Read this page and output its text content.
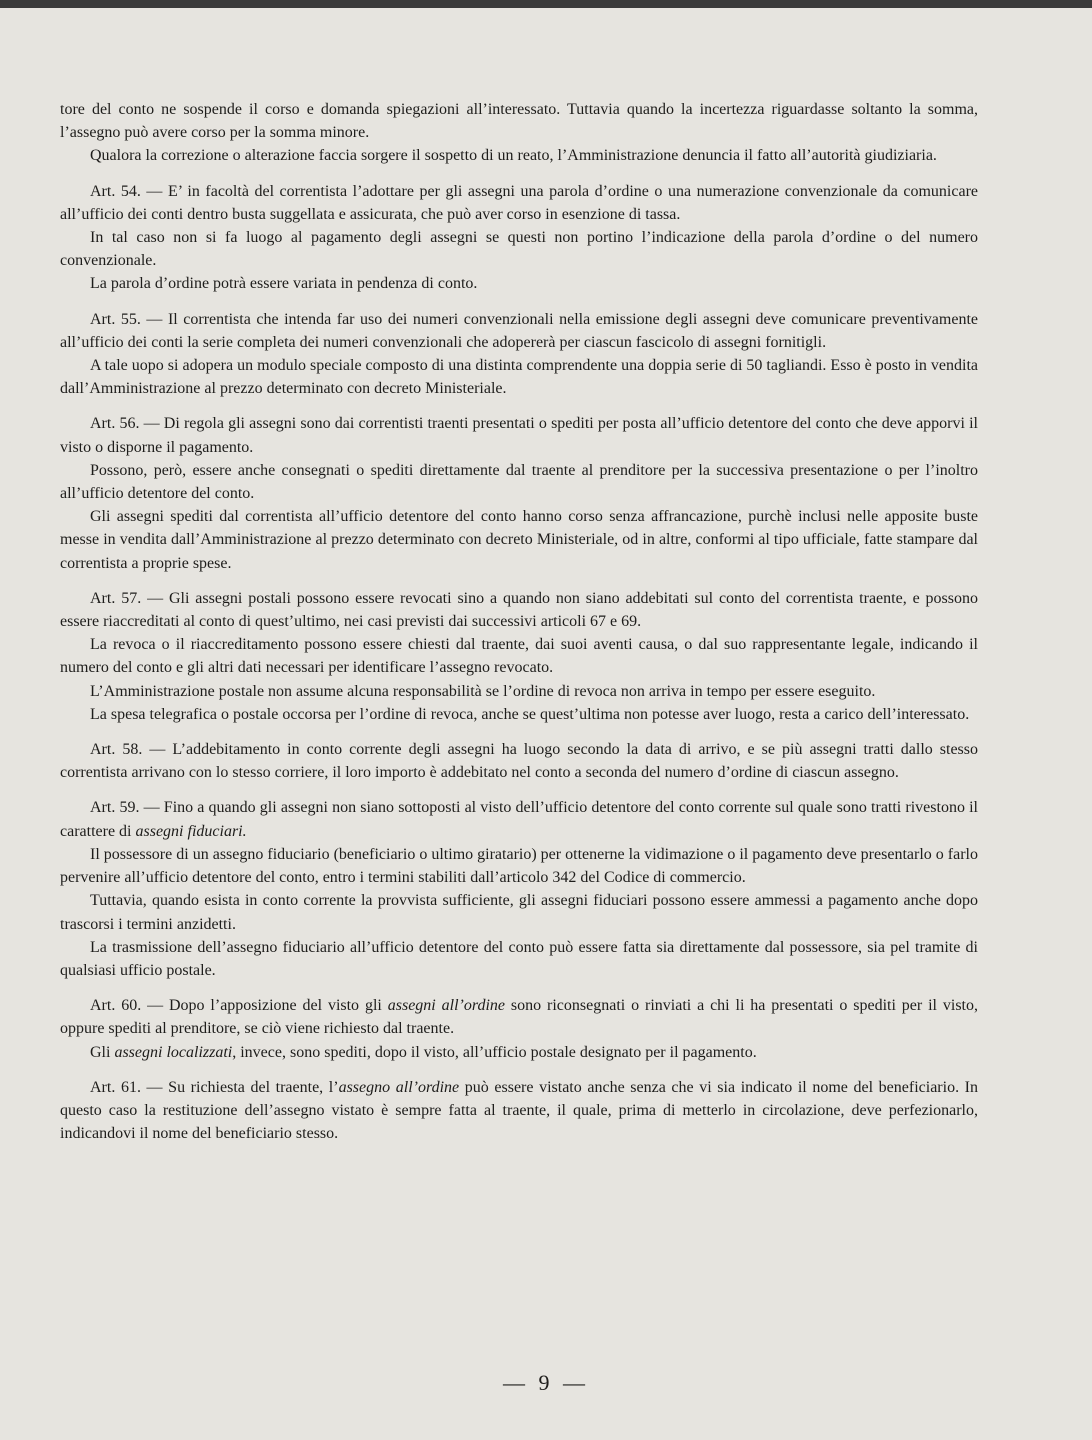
tore del conto ne sospende il corso e domanda spiegazioni all’interessato. Tuttavia quando la incertezza riguardasse soltanto la somma, l’assegno può avere corso per la somma minore.

Qualora la correzione o alterazione faccia sorgere il sospetto di un reato, l’Amministrazione denuncia il fatto all’autorità giudiziaria.

Art. 54. — E’ in facoltà del correntista l’adottare per gli assegni una parola d’ordine o una numerazione convenzionale da comunicare all’ufficio dei conti dentro busta suggellata e assicurata, che può aver corso in esenzione di tassa.

In tal caso non si fa luogo al pagamento degli assegni se questi non portino l’indicazione della parola d’ordine o del numero convenzionale.

La parola d’ordine potrà essere variata in pendenza di conto.

Art. 55. — Il correntista che intenda far uso dei numeri convenzionali nella emissione degli assegni deve comunicare preventivamente all’ufficio dei conti la serie completa dei numeri convenzionali che adopererà per ciascun fascicolo di assegni fornitigli.

A tale uopo si adopera un modulo speciale composto di una distinta comprendente una doppia serie di 50 tagliandi. Esso è posto in vendita dall’Amministrazione al prezzo determinato con decreto Ministeriale.

Art. 56. — Di regola gli assegni sono dai correntisti traenti presentati o spediti per posta all’ufficio detentore del conto che deve apporvi il visto o disporne il pagamento.

Possono, però, essere anche consegnati o spediti direttamente dal traente al prenditore per la successiva presentazione o per l’inoltro all’ufficio detentore del conto.

Gli assegni spediti dal correntista all’ufficio detentore del conto hanno corso senza affrancazione, purchè inclusi nelle apposite buste messe in vendita dall’Amministrazione al prezzo determinato con decreto Ministeriale, od in altre, conformi al tipo ufficiale, fatte stampare dal correntista a proprie spese.

Art. 57. — Gli assegni postali possono essere revocati sino a quando non siano addebitati sul conto del correntista traente, e possono essere riaccreditati al conto di quest’ultimo, nei casi previsti dai successivi articoli 67 e 69.

La revoca o il riaccreditamento possono essere chiesti dal traente, dai suoi aventi causa, o dal suo rappresentante legale, indicando il numero del conto e gli altri dati necessari per identificare l’assegno revocato.

L’Amministrazione postale non assume alcuna responsabilità se l’ordine di revoca non arriva in tempo per essere eseguito.

La spesa telegrafica o postale occorsa per l’ordine di revoca, anche se quest’ultima non potesse aver luogo, resta a carico dell’interessato.

Art. 58. — L’addebitamento in conto corrente degli assegni ha luogo secondo la data di arrivo, e se più assegni tratti dallo stesso correntista arrivano con lo stesso corriere, il loro importo è addebitato nel conto a seconda del numero d’ordine di ciascun assegno.

Art. 59. — Fino a quando gli assegni non siano sottoposti al visto dell’ufficio detentore del conto corrente sul quale sono tratti rivestono il carattere di assegni fiduciari.

Il possessore di un assegno fiduciario (beneficiario o ultimo giratario) per ottenerne la vidimazione o il pagamento deve presentarlo o farlo pervenire all’ufficio detentore del conto, entro i termini stabiliti dall’articolo 342 del Codice di commercio.

Tuttavia, quando esista in conto corrente la provvista sufficiente, gli assegni fiduciari possono essere ammessi a pagamento anche dopo trascorsi i termini anzidetti.

La trasmissione dell’assegno fiduciario all’ufficio detentore del conto può essere fatta sia direttamente dal possessore, sia pel tramite di qualsiasi ufficio postale.

Art. 60. — Dopo l’apposizione del visto gli assegni all’ordine sono riconsegnati o rinviati a chi li ha presentati o spediti per il visto, oppure spediti al prenditore, se ciò viene richiesto dal traente.

Gli assegni localizzati, invece, sono spediti, dopo il visto, all’ufficio postale designato per il pagamento.

Art. 61. — Su richiesta del traente, l’assegno all’ordine può essere vistato anche senza che vi sia indicato il nome del beneficiario. In questo caso la restituzione dell’assegno vistato è sempre fatta al traente, il quale, prima di metterlo in circolazione, deve perfezionarlo, indicandovi il nome del beneficiario stesso.

— 9 —
